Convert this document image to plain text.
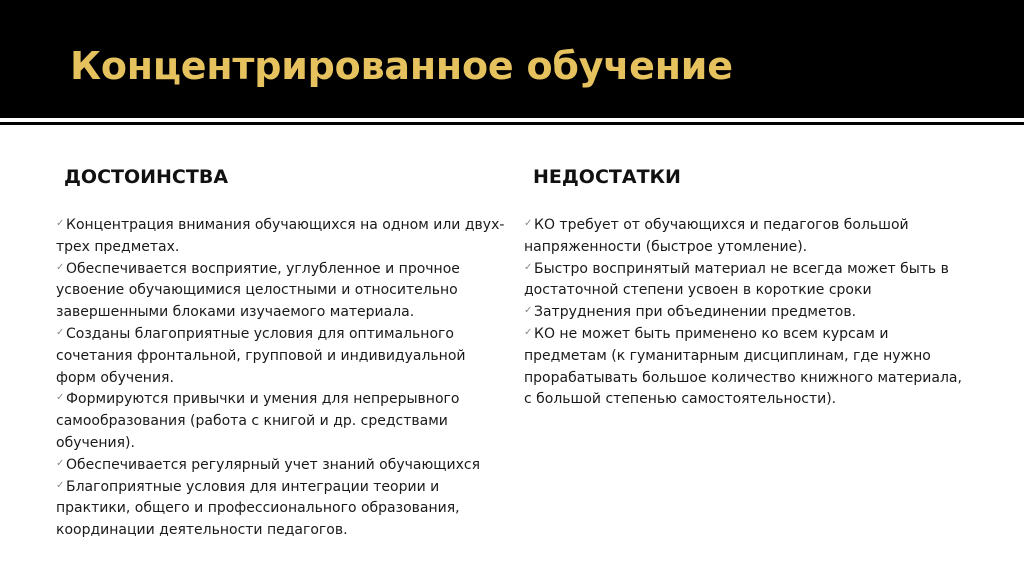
Концентрированное обучение
ДОСТОИНСТВА	НЕДОСТАТКИ
✓ Концентрация внимания обучающихся на одном или двух-трех предметах.
✓ Обеспечивается восприятие, углубленное и прочное усвоение обучающимися целостными и относительно завершенными блоками изучаемого материала.
✓ Созданы благоприятные условия для оптимального сочетания фронтальной, групповой и индивидуальной форм обучения.
✓ Формируются привычки и умения для непрерывного самообразования (работа с книгой и др. средствами обучения).
✓ Обеспечивается регулярный учет знаний обучающихся
✓ Благоприятные условия для интеграции теории и практики, общего и профессионального образования, координации деятельности педагогов.
✓ КО требует от обучающихся и педагогов большой напряженности (быстрое утомление).
✓ Быстро воспринятый материал не всегда может быть в достаточной степени усвоен в короткие сроки
✓ Затруднения при объединении предметов.
✓ КО не может быть применено ко всем курсам и предметам (к гуманитарным дисциплинам, где нужно прорабатывать большое количество книжного материала, с большой степенью самостоятельности).
